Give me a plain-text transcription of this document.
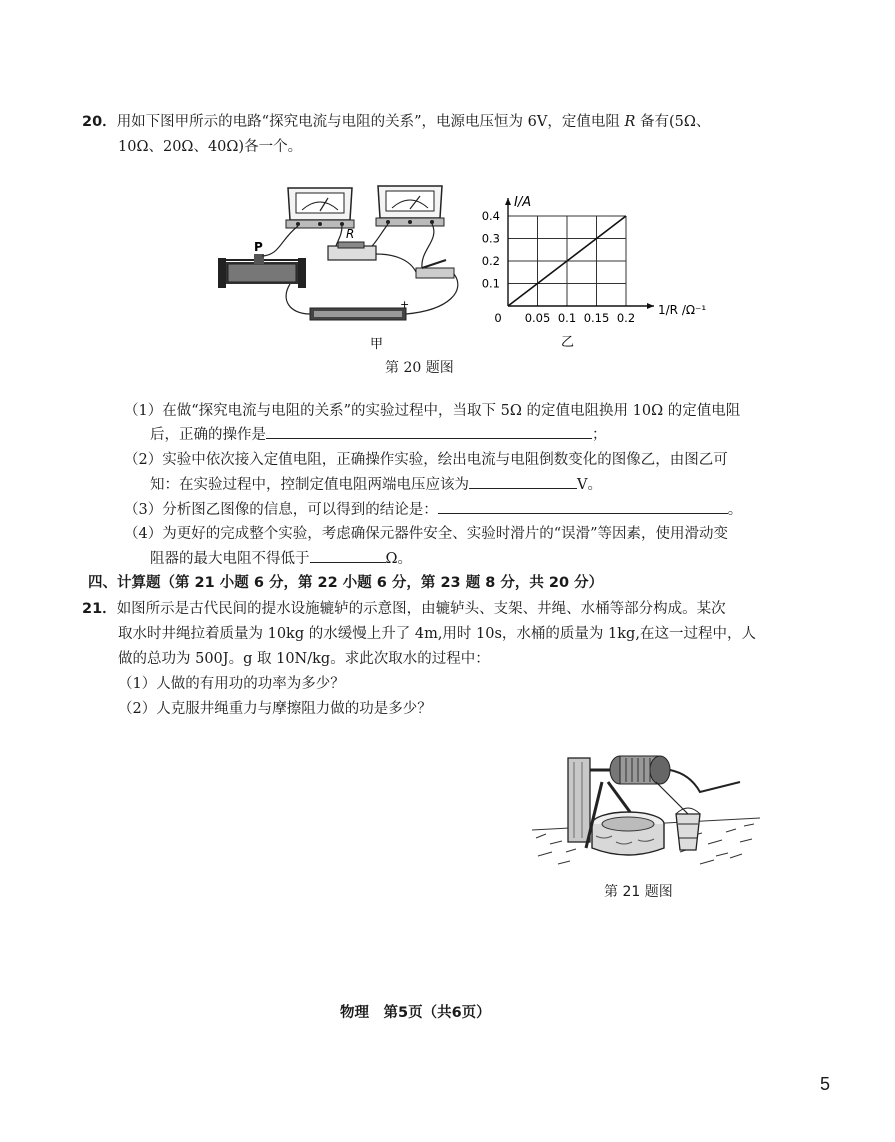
20．用如下图甲所示的电路“探究电流与电阻的关系”，电源电压恒为 6V，定值电阻 R 备有(5Ω、
10Ω、20Ω、40Ω)各一个。
R
P
+
甲
0 0.05 0.1 0.15 0.2
0.1
0.2
0.3
0.4
I/A
1/R /Ω⁻¹
乙
第 20 题图
（1）在做“探究电流与电阻的关系”的实验过程中，当取下 5Ω 的定值电阻换用 10Ω 的定值电阻
后，正确的操作是	；
（2）实验中依次接入定值电阻，正确操作实验，绘出电流与电阻倒数变化的图像乙，由图乙可
知：在实验过程中，控制定值电阻两端电压应该为	V。
（3）分析图乙图像的信息，可以得到的结论是：	。
（4）为更好的完成整个实验，考虑确保元器件安全、实验时滑片的“误滑”等因素，使用滑动变
阻器的最大电阻不得低于	Ω。
四、计算题（第 21 小题 6 分，第 22 小题 6 分，第 23 题 8 分，共 20 分）
21．如图所示是古代民间的提水设施辘轳的示意图，由辘轳头、支架、井绳、水桶等部分构成。某次
取水时井绳拉着质量为 10kg 的水缓慢上升了 4m,用时 10s，水桶的质量为 1kg,在这一过程中，人
做的总功为 500J。g 取 10N/kg。求此次取水的过程中：
（1）人做的有用功的功率为多少？
（2）人克服井绳重力与摩擦阻力做的功是多少？
第 21 题图
物理　第5页（共6页）
5
